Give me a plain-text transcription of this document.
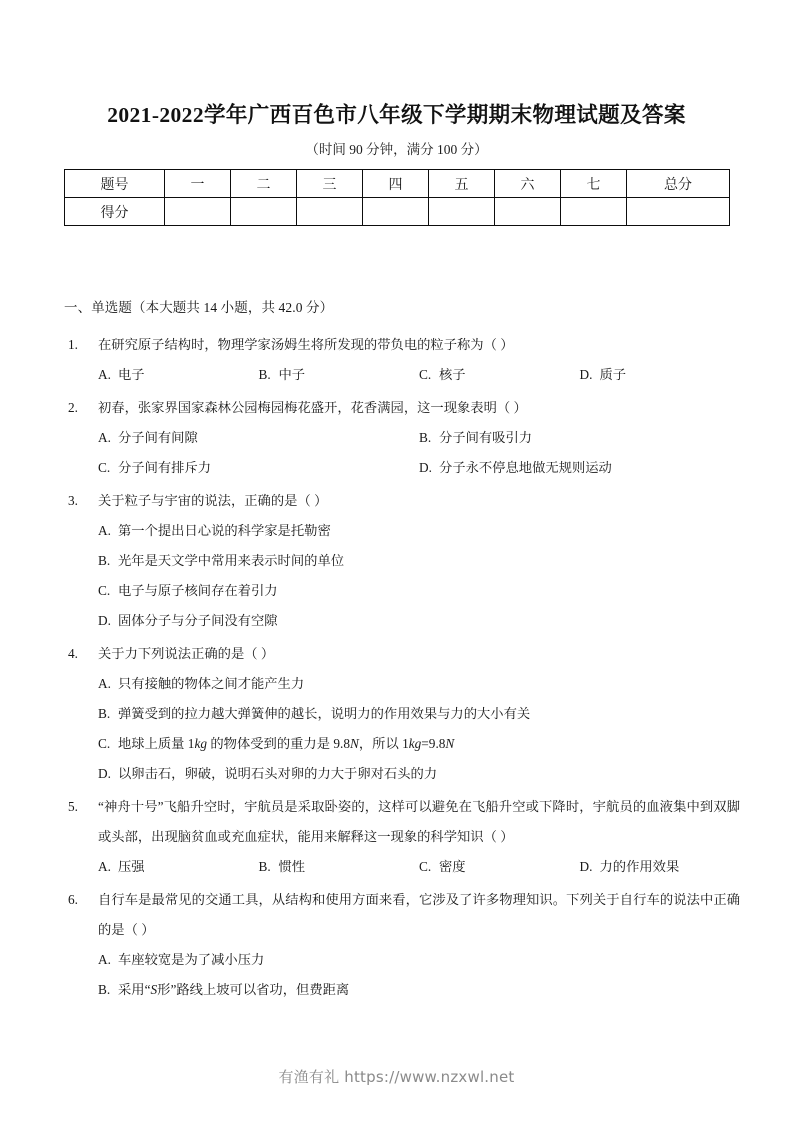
2021-2022学年广西百色市八年级下学期期末物理试题及答案
（时间 90 分钟，满分 100 分）
题号	一	二	三	四	五	六	七	总分
得分								
一、单选题（本大题共 14 小题，共 42.0 分）
1.	在研究原子结构时，物理学家汤姆生将所发现的带负电的粒子称为（ ）
A. 电子	B. 中子	C. 核子	D. 质子
2.	初春，张家界国家森林公园梅园梅花盛开，花香满园，这一现象表明（ ）
A. 分子间有间隙	B. 分子间有吸引力
C. 分子间有排斥力	D. 分子永不停息地做无规则运动
3.	关于粒子与宇宙的说法，正确的是（ ）
A. 第一个提出日心说的科学家是托勒密
B. 光年是天文学中常用来表示时间的单位
C. 电子与原子核间存在着引力
D. 固体分子与分子间没有空隙
4.	关于力下列说法正确的是（ ）
A. 只有接触的物体之间才能产生力
B. 弹簧受到的拉力越大弹簧伸的越长，说明力的作用效果与力的大小有关
C. 地球上质量 1kg 的物体受到的重力是 9.8N，所以 1kg=9.8N
D. 以卵击石，卵破，说明石头对卵的力大于卵对石头的力
5.	“神舟十号”飞船升空时，宇航员是采取卧姿的，这样可以避免在飞船升空或下降时，宇航员的血液集中到双脚或头部，出现脑贫血或充血症状，能用来解释这一现象的科学知识（ ）
A. 压强	B. 惯性	C. 密度	D. 力的作用效果
6.	自行车是最常见的交通工具，从结构和使用方面来看，它涉及了许多物理知识。下列关于自行车的说法中正确的是（ ）
A. 车座较宽是为了减小压力
B. 采用“S形”路线上坡可以省功，但费距离
有渔有礼 https://www.nzxwl.net
